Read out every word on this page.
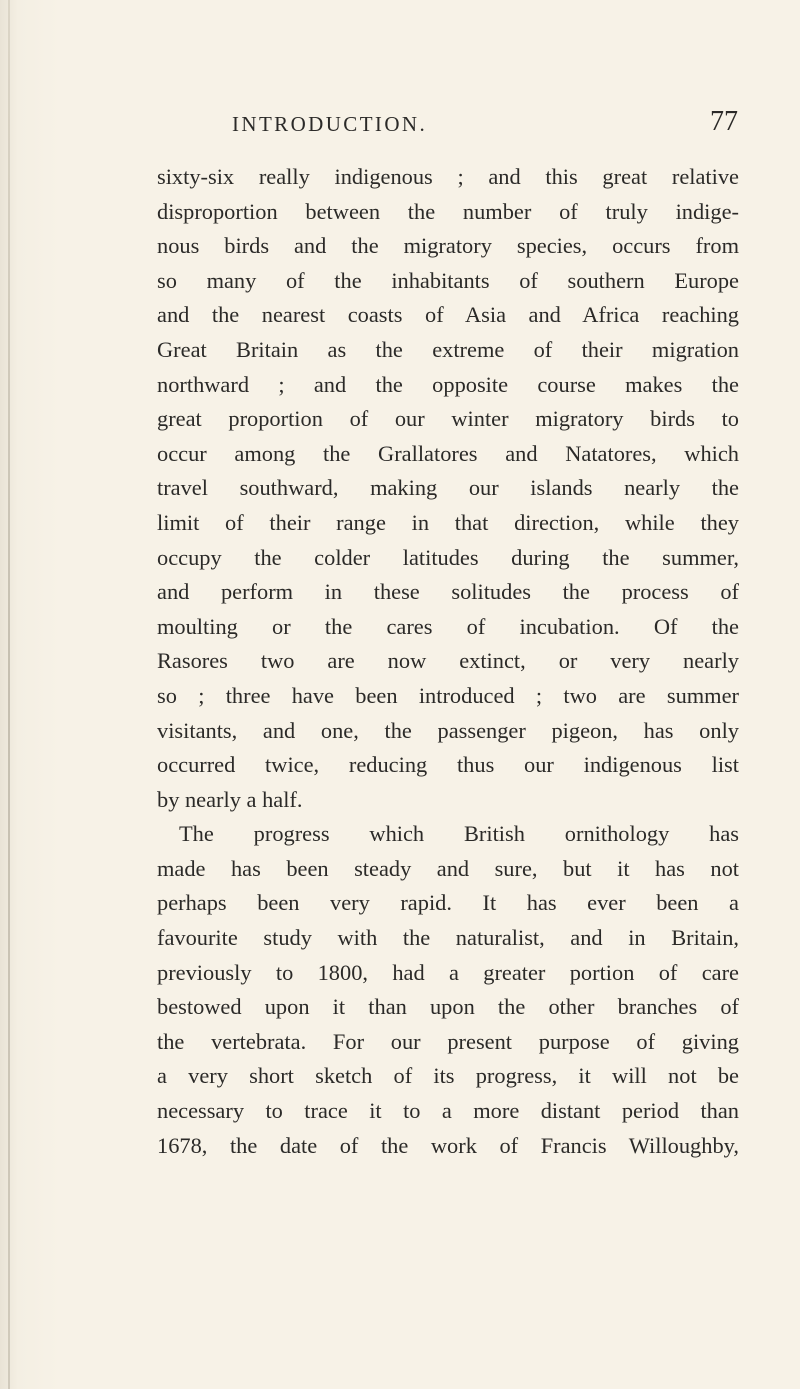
INTRODUCTION.	77
sixty-six really indigenous ; and this great relative
disproportion between the number of truly indige-
nous birds and the migratory species, occurs from
so many of the inhabitants of southern Europe
and the nearest coasts of Asia and Africa reaching
Great Britain as the extreme of their migration
northward ; and the opposite course makes the
great proportion of our winter migratory birds to
occur among the Grallatores and Natatores, which
travel southward, making our islands nearly the
limit of their range in that direction, while they
occupy the colder latitudes during the summer,
and perform in these solitudes the process of
moulting or the cares of incubation. Of the
Rasores two are now extinct, or very nearly
so ; three have been introduced ; two are summer
visitants, and one, the passenger pigeon, has only
occurred twice, reducing thus our indigenous list
by nearly a half.
The progress which British ornithology has
made has been steady and sure, but it has not
perhaps been very rapid. It has ever been a
favourite study with the naturalist, and in Britain,
previously to 1800, had a greater portion of care
bestowed upon it than upon the other branches of
the vertebrata. For our present purpose of giving
a very short sketch of its progress, it will not be
necessary to trace it to a more distant period than
1678, the date of the work of Francis Willoughby,
